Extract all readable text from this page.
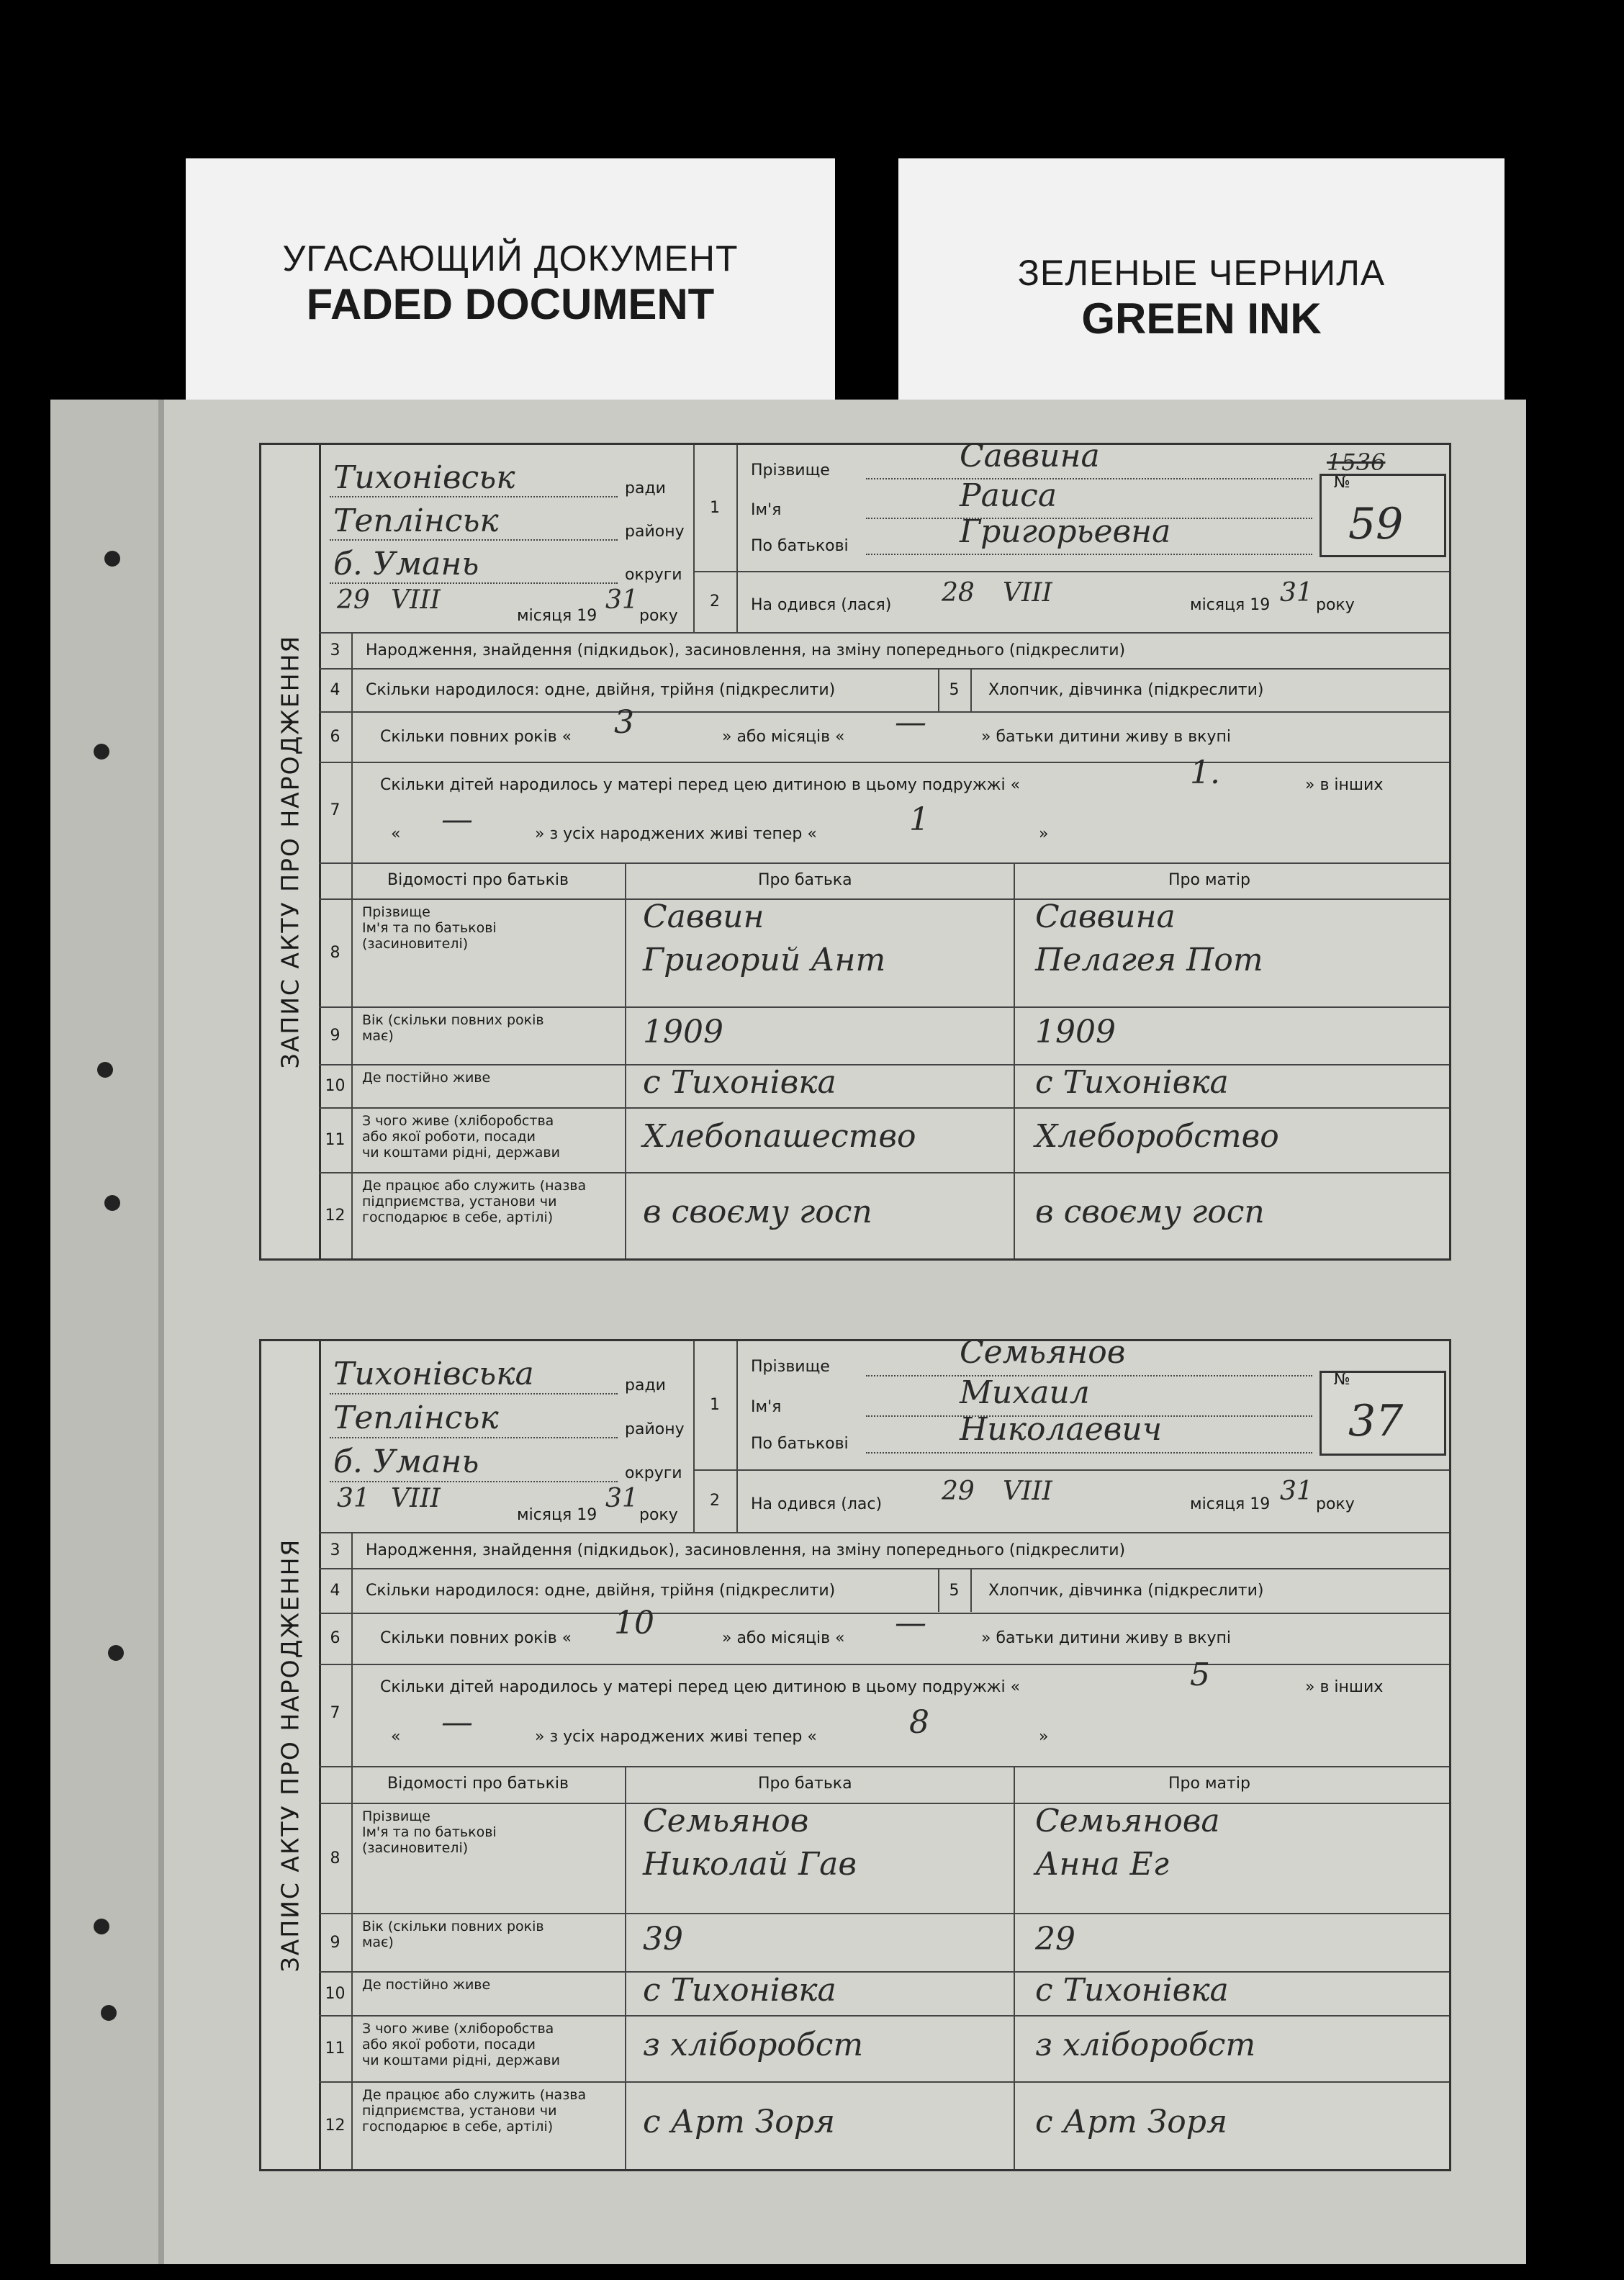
УГАСАЮЩИЙ ДОКУМЕНТ
FADED DOCUMENT
ЗЕЛЕНЫЕ ЧЕРНИЛА
GREEN INK
ЗАПИС АКТУ ПРО НАРОДЖЕННЯ
Тихонівськ	ради
Теплінськ	району
б. Умань	округи
29 VIII
місяця 19
31
року
1
Прізвище	Саввина
Ім'я	Раиса
По батькові	Григорьевна
№
59
1536
2	На одився (лася) 28 VIII	місяця 19 31 року
3	Народження, знайдення (підкидьок), засиновлення, на зміну попереднього (підкреслити)
4	Скільки народилося: одне, двійня, трійня (підкреслити)	5	Хлопчик, дівчинка (підкреслити)
6	Скільки повних років « 3	» або місяців « —	» батьки дитини живу в вкупі
7
Скільки дітей народилось у матері перед цею дитиною в цьому подружжі «	1.	» в інших
« —	» з усіх народжених живі тепер «	1	»
Відомості про батьків	Про батька	Про матір
8
Прізвище
Ім'я та по батькові
(засиновителі)
Саввин	Саввина
Григорий Ант	Пелагея Пот
9
Вік (скільки повних років
має)	1909	1909
10	Де постійно живе	с Тихонівка	с Тихонівка
11
З чого живе (хліборобства
або якої роботи, посади
чи коштами рідні, держави	Хлебопашество	Хлеборобство
12
Де працює або служить (назва
підприємства, установи чи
господарює в себе, артілі)	в своєму госп	в своєму госп
ЗАПИС АКТУ ПРО НАРОДЖЕННЯ
Тихонівська	ради
Теплінськ	району
б. Умань	округи
31 VIII
місяця 19
31
року
1
Прізвище	Семьянов
Ім'я	Михаил
По батькові	Николаевич
№
37
2	На одився (лас) 29 VIII	місяця 19 31 року
3	Народження, знайдення (підкидьок), засиновлення, на зміну попереднього (підкреслити)
4	Скільки народилося: одне, двійня, трійня (підкреслити)	5	Хлопчик, дівчинка (підкреслити)
6	Скільки повних років « 10	» або місяців « —	» батьки дитини живу в вкупі
7
Скільки дітей народилось у матері перед цею дитиною в цьому подружжі «	5	» в інших
« —	» з усіх народжених живі тепер «	8	»
Відомості про батьків	Про батька	Про матір
8
Прізвище
Ім'я та по батькові
(засиновителі)
Семьянов	Семьянова
Николай Гав	Анна Ег
9
Вік (скільки повних років
має)	39	29
10	Де постійно живе	с Тихонівка	с Тихонівка
11
З чого живе (хліборобства
або якої роботи, посади
чи коштами рідні, держави	з хліборобст	з хліборобст
12
Де працює або служить (назва
підприємства, установи чи
господарює в себе, артілі)	с Арт Зоря	с Арт Зоря
